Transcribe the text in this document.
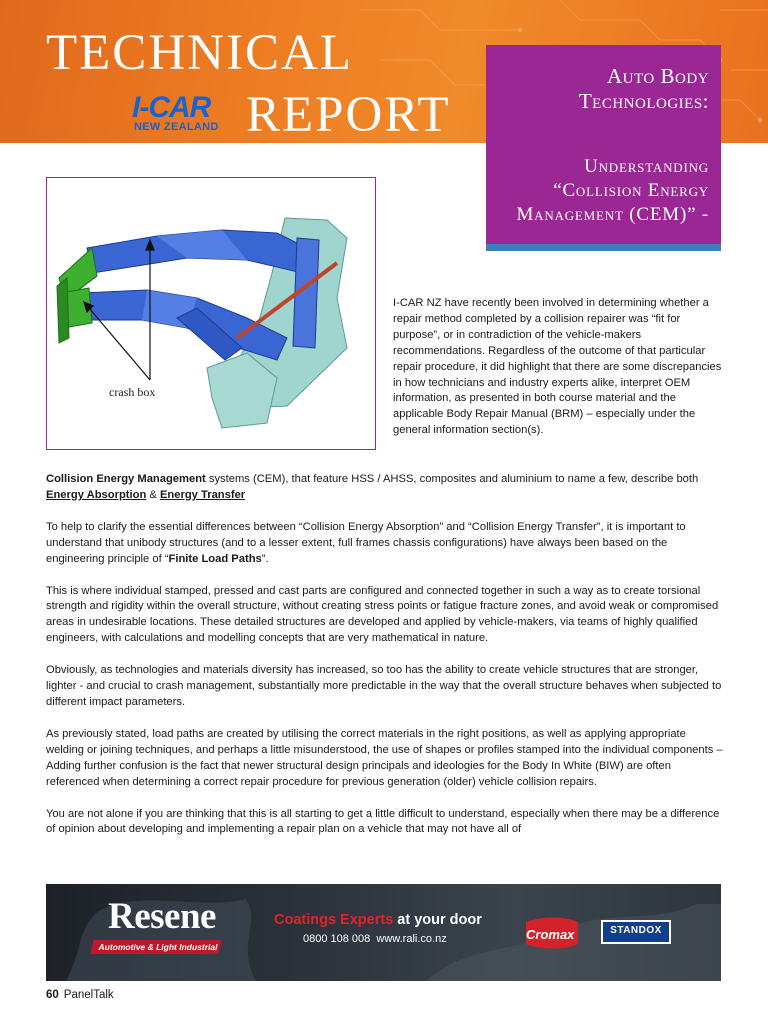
TECHNICAL
I-CAR
NEW ZEALAND REPORT
Auto Body
Technologies:
Understanding
“Collision Energy
Management (CEM)” -
crash box
I-CAR NZ have recently been involved in determining whether a repair method completed by a collision repairer was “fit for purpose”, or in contradiction of the vehicle-makers recommendations. Regardless of the outcome of that particular repair procedure, it did highlight that there are some discrepancies in how technicians and industry experts alike, interpret OEM information, as presented in both course material and the applicable Body Repair Manual (BRM) – especially under the general information section(s).

Collision Energy Management systems (CEM), that feature HSS / AHSS, composites and aluminium to name a few, describe both Energy Absorption & Energy Transfer

To help to clarify the essential differences between “Collision Energy Absorption” and “Collision Energy Transfer”, it is important to understand that unibody structures (and to a lesser extent, full frames chassis configurations) have always been based on the engineering principle of “Finite Load Paths”.

This is where individual stamped, pressed and cast parts are configured and connected together in such a way as to create torsional strength and rigidity within the overall structure, without creating stress points or fatigue fracture zones, and avoid weak or compromised areas in undesirable locations. These detailed structures are developed and applied by vehicle-makers, via teams of highly qualified engineers, with calculations and modelling concepts that are very mathematical in nature.

Obviously, as technologies and materials diversity has increased, so too has the ability to create vehicle structures that are stronger, lighter - and crucial to crash management, substantially more predictable in the way that the overall structure behaves when subjected to different impact parameters.

As previously stated, load paths are created by utilising the correct materials in the right positions, as well as applying appropriate welding or joining techniques, and perhaps a little misunderstood, the use of shapes or profiles stamped into the individual components – Adding further confusion is the fact that newer structural design principals and ideologies for the Body In White (BIW) are often referenced when determining a correct repair procedure for previous generation (older) vehicle collision repairs.

You are not alone if you are thinking that this is all starting to get a little difficult to understand, especially when there may be a difference of opinion about developing and implementing a repair plan on a vehicle that may not have all of

Resene
Automotive & Light Industrial
Coatings Experts at your door
0800 108 008  www.rali.co.nz	Cromax	STANDOX
60 PanelTalk
